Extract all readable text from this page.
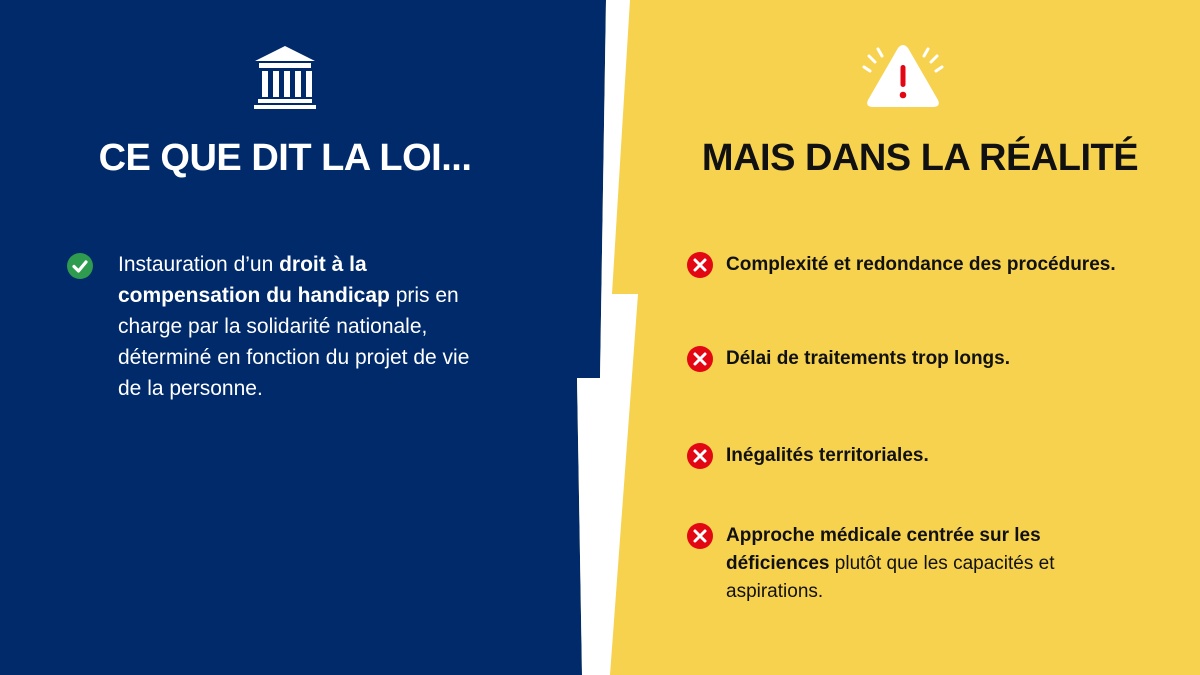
CE QUE DIT LA LOI...

Instauration d’un droit à la compensation du handicap pris en charge par la solidarité nationale, déterminé en fonction du projet de vie de la personne.

MAIS DANS LA RÉALITÉ

Complexité et redondance des procédures.

Délai de traitements trop longs.

Inégalités territoriales.

Approche médicale centrée sur les déficiences plutôt que les capacités et aspirations.
